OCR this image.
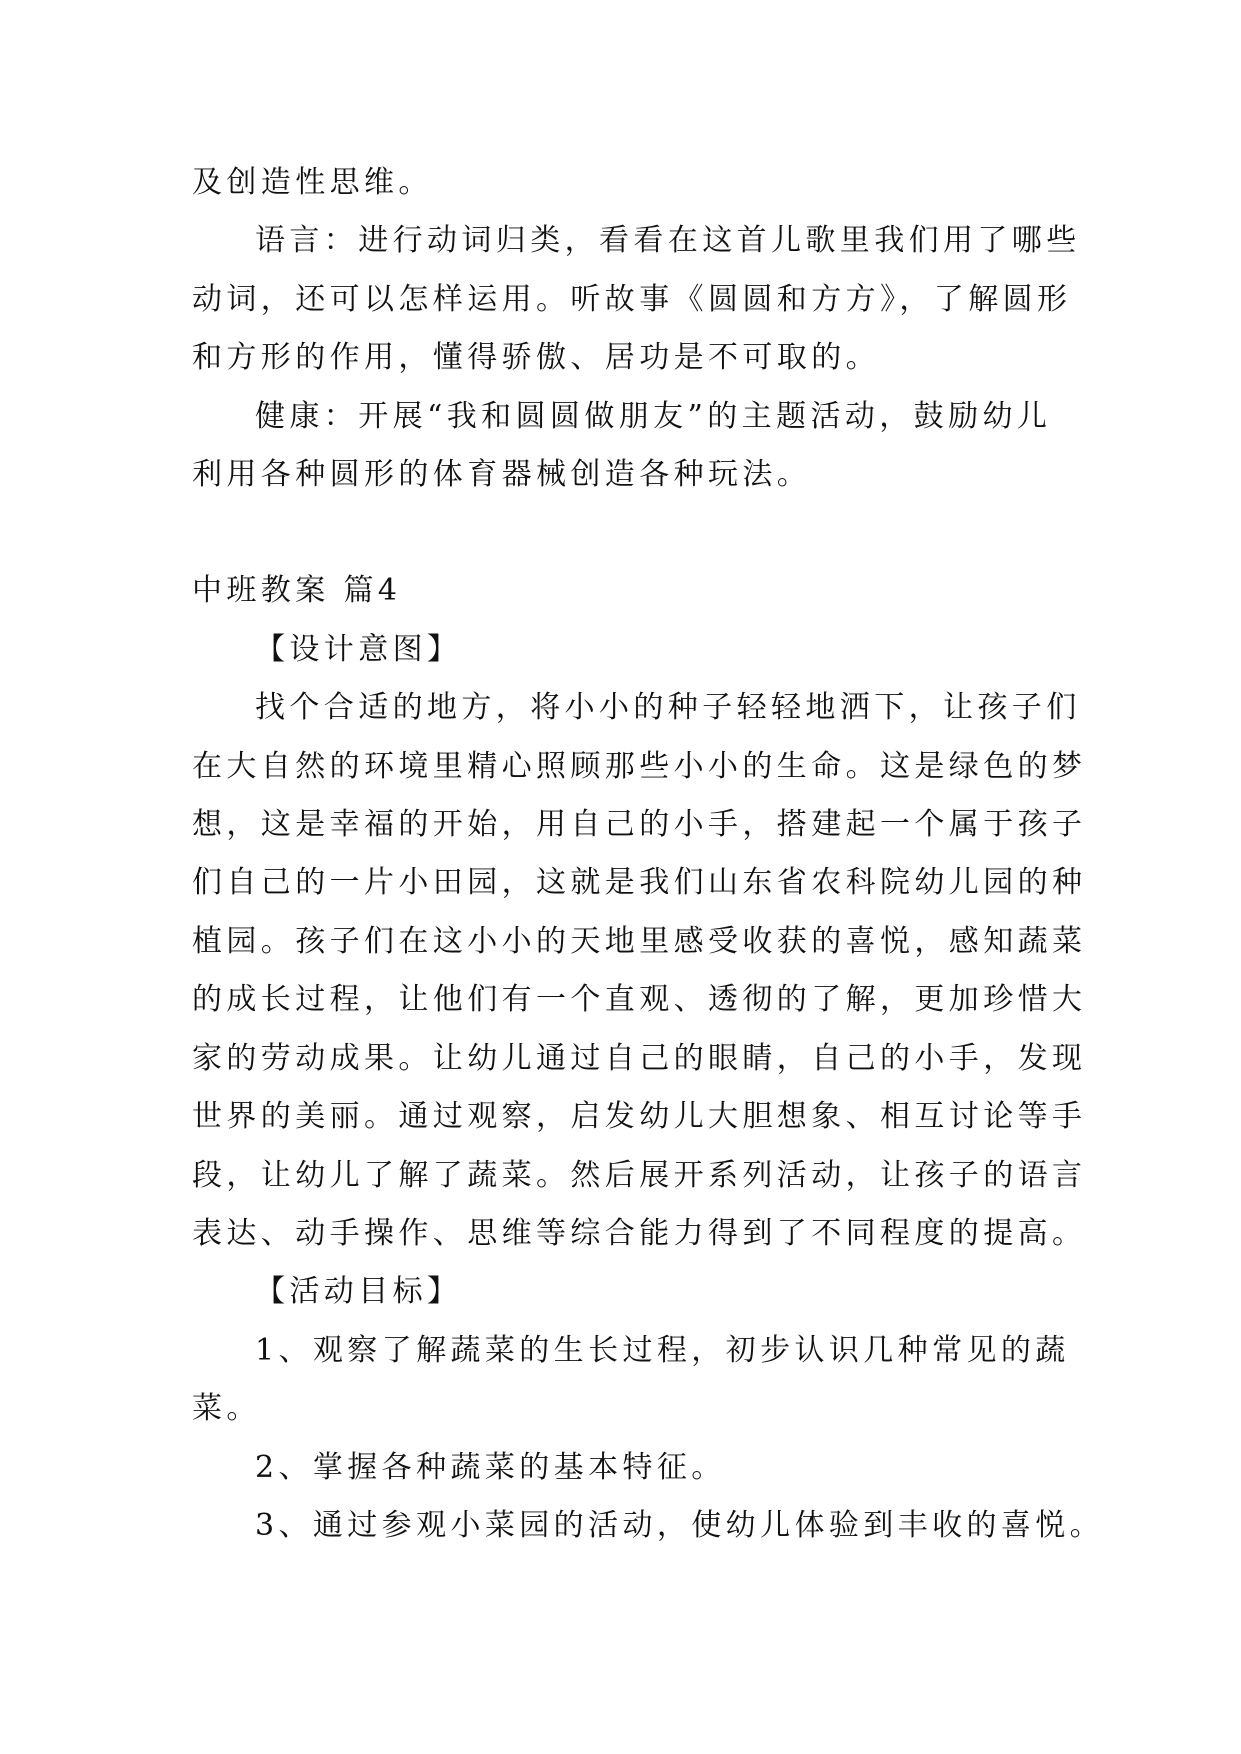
及创造性思维。

语言：进行动词归类，看看在这首儿歌里我们用了哪些

动词，还可以怎样运用。听故事《圆圆和方方》，了解圆形

和方形的作用，懂得骄傲、居功是不可取的。

健康：开展“我和圆圆做朋友”的主题活动，鼓励幼儿

利用各种圆形的体育器械创造各种玩法。

中班教案 篇4

【设计意图】

找个合适的地方，将小小的种子轻轻地洒下，让孩子们

在大自然的环境里精心照顾那些小小的生命。这是绿色的梦

想，这是幸福的开始，用自己的小手，搭建起一个属于孩子

们自己的一片小田园，这就是我们山东省农科院幼儿园的种

植园。孩子们在这小小的天地里感受收获的喜悦，感知蔬菜

的成长过程，让他们有一个直观、透彻的了解，更加珍惜大

家的劳动成果。让幼儿通过自己的眼睛，自己的小手，发现

世界的美丽。通过观察，启发幼儿大胆想象、相互讨论等手

段，让幼儿了解了蔬菜。然后展开系列活动，让孩子的语言

表达、动手操作、思维等综合能力得到了不同程度的提高。

【活动目标】

1、观察了解蔬菜的生长过程，初步认识几种常见的蔬

菜。

2、掌握各种蔬菜的基本特征。

3、通过参观小菜园的活动，使幼儿体验到丰收的喜悦。
